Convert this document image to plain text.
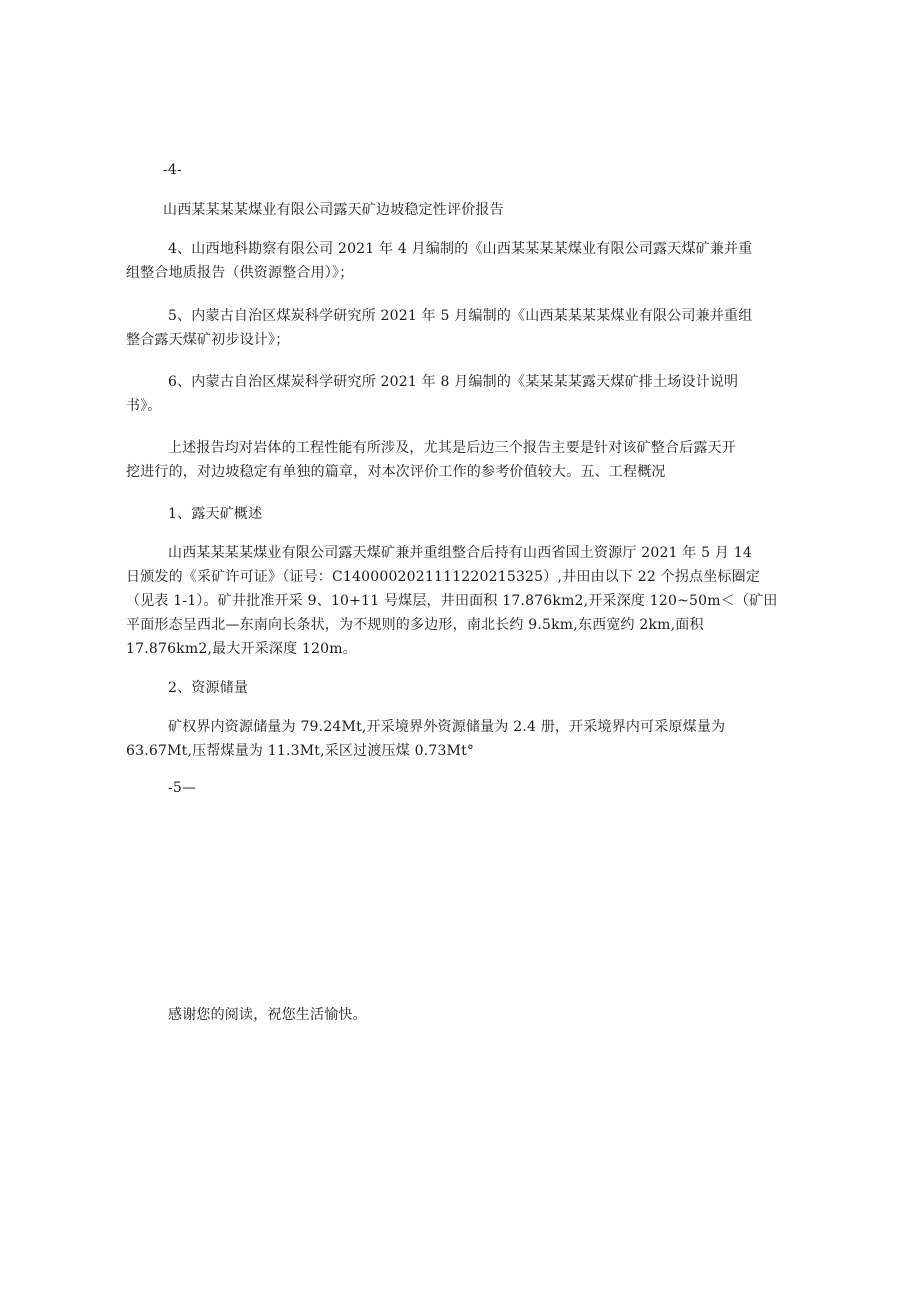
-4-
山西某某某某煤业有限公司露天矿边坡稳定性评价报告
4、山西地科勘察有限公司 2021 年 4 月编制的《山西某某某某煤业有限公司露天煤矿兼并重
组整合地质报告（供资源整合用）》；
5、内蒙古自治区煤炭科学研究所 2021 年 5 月编制的《山西某某某某煤业有限公司兼并重组
整合露天煤矿初步设计》；
6、内蒙古自治区煤炭科学研究所 2021 年 8 月编制的《某某某某露天煤矿排土场设计说明
书》。
上述报告均对岩体的工程性能有所涉及，尤其是后边三个报告主要是针对该矿整合后露天开
挖进行的，对边坡稳定有单独的篇章，对本次评价工作的参考价值较大。五、工程概况
1、露天矿概述
山西某某某某煤业有限公司露天煤矿兼并重组整合后持有山西省国土资源厅 2021 年 5 月 14
日颁发的《采矿许可证》（证号：C1400002021111220215325）,井田由以下 22 个拐点坐标圈定
（见表 1-1）。矿井批准开采 9、10+11 号煤层，井田面积 17.876km2,开采深度 120~50m＜（矿田
平面形态呈西北—东南向长条状，为不规则的多边形，南北长约 9.5km,东西宽约 2km,面积
17.876km2,最大开采深度 120m。
2、资源储量
矿权界内资源储量为 79.24Mt,开采境界外资源储量为 2.4 册，开采境界内可采原煤量为
63.67Mt,压帮煤量为 11.3Mt,采区过渡压煤 0.73Mt°
-5—
感谢您的阅读，祝您生活愉快。
